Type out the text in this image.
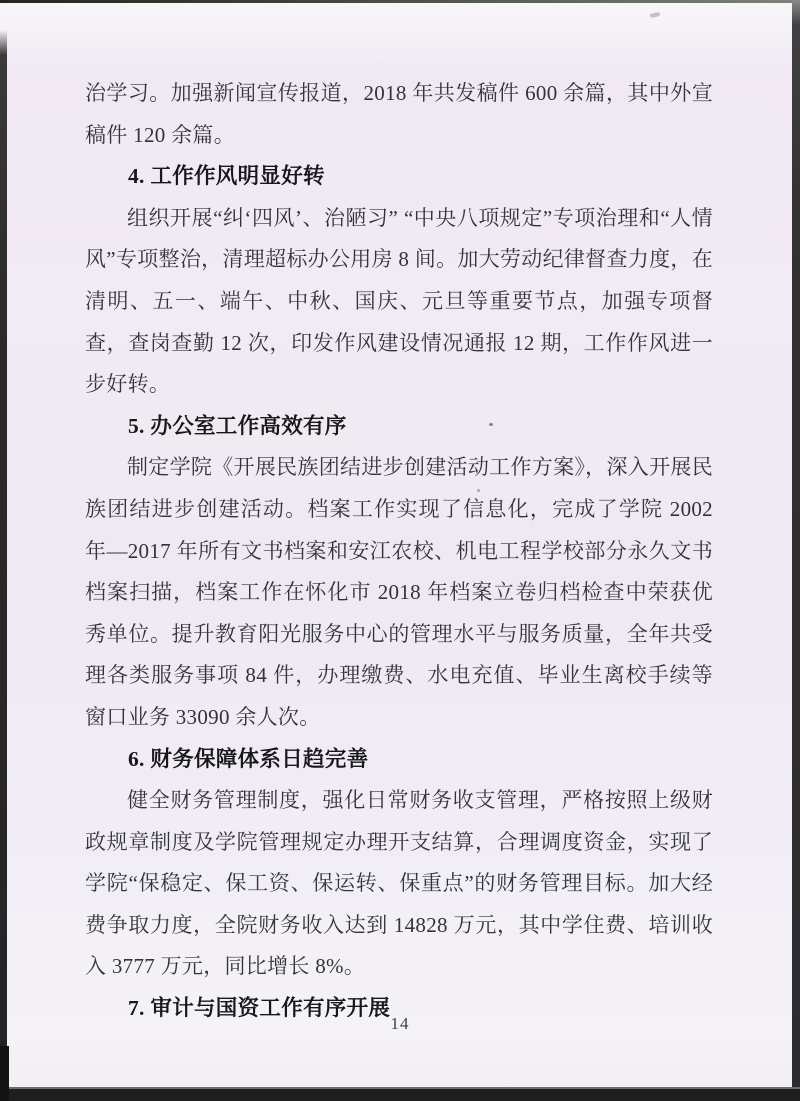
治学习。加强新闻宣传报道，2018 年共发稿件 600 余篇，其中外宣稿件 120 余篇。

4. 工作作风明显好转

组织开展“纠‘四风’、治陋习” “中央八项规定”专项治理和“人情风”专项整治，清理超标办公用房 8 间。加大劳动纪律督查力度，在清明、五一、端午、中秋、国庆、元旦等重要节点，加强专项督查，查岗查勤 12 次，印发作风建设情况通报 12 期，工作作风进一步好转。

5. 办公室工作高效有序

制定学院《开展民族团结进步创建活动工作方案》，深入开展民族团结进步创建活动。档案工作实现了信息化，完成了学院 2002 年—2017 年所有文书档案和安江农校、机电工程学校部分永久文书档案扫描，档案工作在怀化市 2018 年档案立卷归档检查中荣获优秀单位。提升教育阳光服务中心的管理水平与服务质量，全年共受理各类服务事项 84 件，办理缴费、水电充值、毕业生离校手续等窗口业务 33090 余人次。

6. 财务保障体系日趋完善

健全财务管理制度，强化日常财务收支管理，严格按照上级财政规章制度及学院管理规定办理开支结算，合理调度资金，实现了学院“保稳定、保工资、保运转、保重点”的财务管理目标。加大经费争取力度，全院财务收入达到 14828 万元，其中学住费、培训收入 3777 万元，同比增长 8%。

7. 审计与国资工作有序开展
14
